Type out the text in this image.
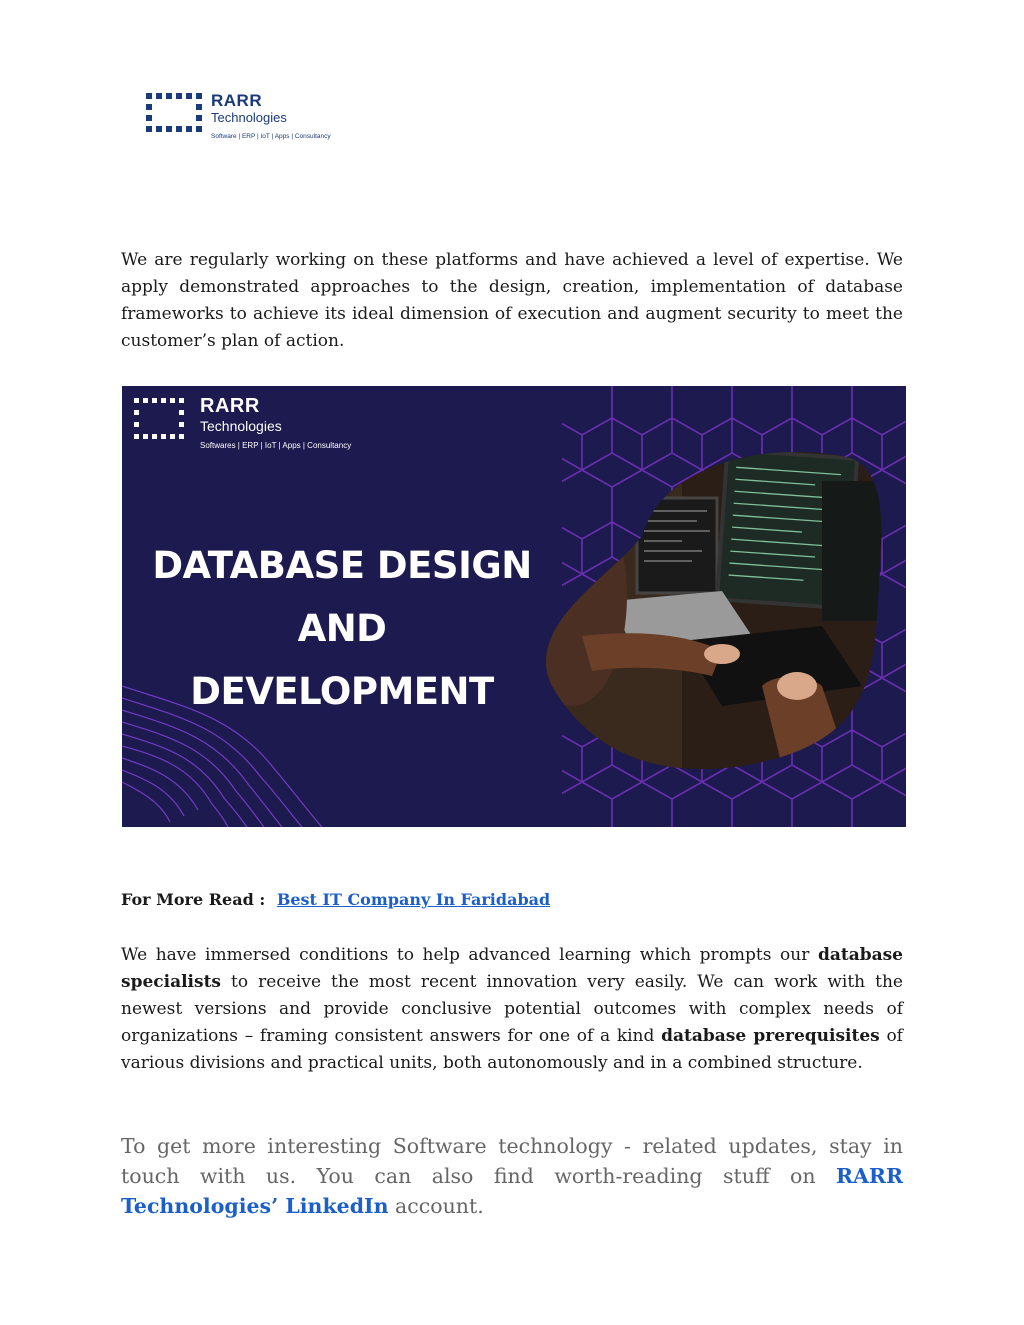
RARR
Technologies
Software | ERP | IoT | Apps | Consultancy

We are regularly working on these platforms and have achieved a level of expertise. We apply demonstrated approaches to the design, creation, implementation of database frameworks to achieve its ideal dimension of execution and augment security to meet the customer’s plan of action.

RARR
Technologies
Softwares | ERP | IoT | Apps | Consultancy
DATABASE DESIGN
AND
DEVELOPMENT
For More Read : Best IT Company In Faridabad

We have immersed conditions to help advanced learning which prompts our database specialists to receive the most recent innovation very easily. We can work with the newest versions and provide conclusive potential outcomes with complex needs of organizations – framing consistent answers for one of a kind database prerequisites of various divisions and practical units, both autonomously and in a combined structure.

To get more interesting Software technology - related updates, stay in touch with us. You can also find worth-reading stuff on RARR Technologies’ LinkedIn account.
